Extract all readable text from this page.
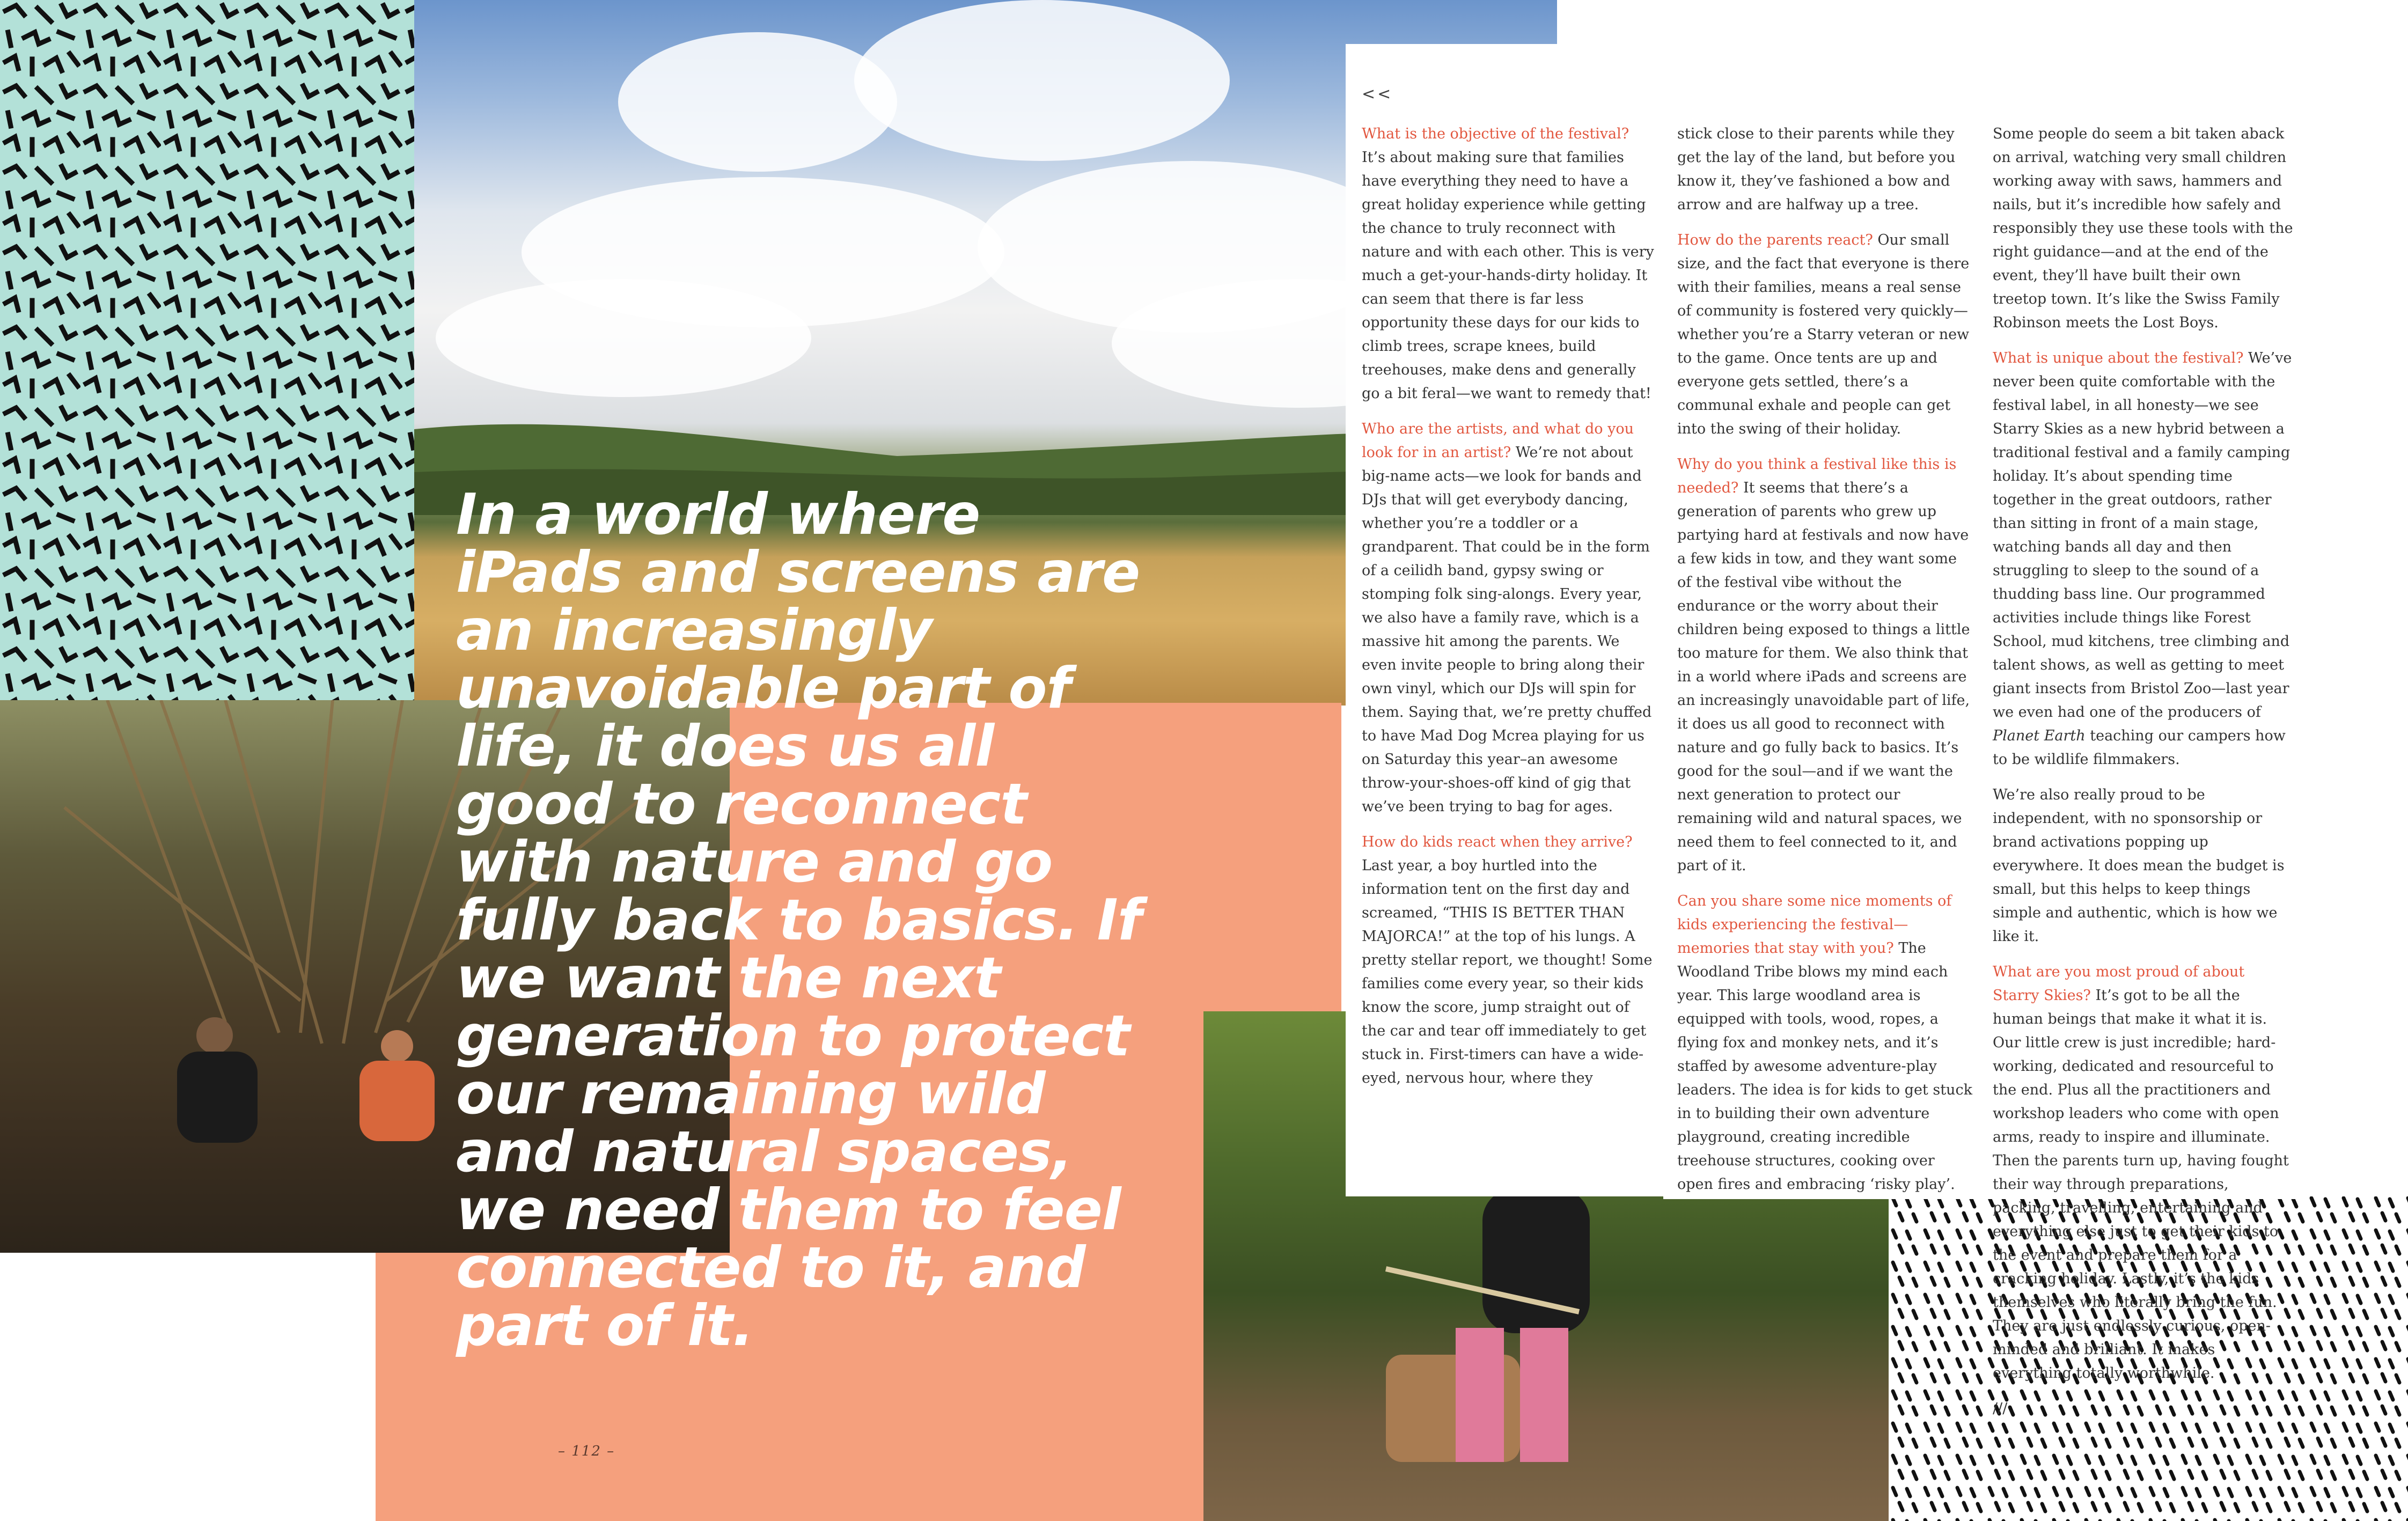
<<

What is the objective of the festival? It’s about making sure that families have everything they need to have a great holiday experience while getting the chance to truly reconnect with nature and with each other. This is very much a get-your-hands-dirty holiday. It can seem that there is far less opportunity these days for our kids to climb trees, scrape knees, build treehouses, make dens and generally go a bit feral—we want to remedy that!

Who are the artists, and what do you look for in an artist? We’re not about big-name acts—we look for bands and DJs that will get everybody dancing, whether you’re a toddler or a grandparent. That could be in the form of a ceilidh band, gypsy swing or stomping folk sing-alongs. Every year, we also have a family rave, which is a massive hit among the parents. We even invite people to bring along their own vinyl, which our DJs will spin for them. Saying that, we’re pretty chuffed to have Mad Dog Mcrea playing for us on Saturday this year–an awesome throw-your-shoes-off kind of gig that we’ve been trying to bag for ages.

How do kids react when they arrive? Last year, a boy hurtled into the information tent on the first day and screamed, “THIS IS BETTER THAN MAJORCA!” at the top of his lungs. A pretty stellar report, we thought! Some families come every year, so their kids know the score, jump straight out of the car and tear off immediately to get stuck in. First-timers can have a wide-eyed, nervous hour, where they

stick close to their parents while they get the lay of the land, but before you know it, they’ve fashioned a bow and arrow and are halfway up a tree.

How do the parents react? Our small size, and the fact that everyone is there with their families, means a real sense of community is fostered very quickly—whether you’re a Starry veteran or new to the game. Once tents are up and everyone gets settled, there’s a communal exhale and people can get into the swing of their holiday.

Why do you think a festival like this is needed? It seems that there’s a generation of parents who grew up partying hard at festivals and now have a few kids in tow, and they want some of the festival vibe without the endurance or the worry about their children being exposed to things a little too mature for them. We also think that in a world where iPads and screens are an increasingly unavoidable part of life, it does us all good to reconnect with nature and go fully back to basics. It’s good for the soul—and if we want the next generation to protect our remaining wild and natural spaces, we need them to feel connected to it, and part of it.

Can you share some nice moments of kids experiencing the festival—memories that stay with you? The Woodland Tribe blows my mind each year. This large woodland area is equipped with tools, wood, ropes, a flying fox and monkey nets, and it’s staffed by awesome adventure-play leaders. The idea is for kids to get stuck in to building their own adventure playground, creating incredible treehouse structures, cooking over open fires and embracing ‘risky play’.

Some people do seem a bit taken aback on arrival, watching very small children working away with saws, hammers and nails, but it’s incredible how safely and responsibly they use these tools with the right guidance—and at the end of the event, they’ll have built their own treetop town. It’s like the Swiss Family Robinson meets the Lost Boys.

What is unique about the festival? We’ve never been quite comfortable with the festival label, in all honesty—we see Starry Skies as a new hybrid between a traditional festival and a family camping holiday. It’s about spending time together in the great outdoors, rather than sitting in front of a main stage, watching bands all day and then struggling to sleep to the sound of a thudding bass line. Our programmed activities include things like Forest School, mud kitchens, tree climbing and talent shows, as well as getting to meet giant insects from Bristol Zoo—last year we even had one of the producers of Planet Earth teaching our campers how to be wildlife filmmakers.

We’re also really proud to be independent, with no sponsorship or brand activations popping up everywhere. It does mean the budget is small, but this helps to keep things simple and authentic, which is how we like it.

What are you most proud of about Starry Skies? It’s got to be all the human beings that make it what it is. Our little crew is just incredible; hard-working, dedicated and resourceful to the end. Plus all the practitioners and workshop leaders who come with open arms, ready to inspire and illuminate. Then the parents turn up, having fought their way through preparations, packing, travelling, entertaining and everything else just to get their kids to the event and prepare them for a cracking holiday. Lastly, it’s the kids themselves who literally bring the fun. They are just endlessly curious, open-minded and brilliant. It makes everything totally worthwhile.

///

In a world where iPads and screens are an increasingly unavoidable part of life, it does us all good to reconnect with nature and go fully back to basics. If we want the next generation to protect our remaining wild and natural spaces, we need them to feel connected to it, and part of it.

– 112 –
